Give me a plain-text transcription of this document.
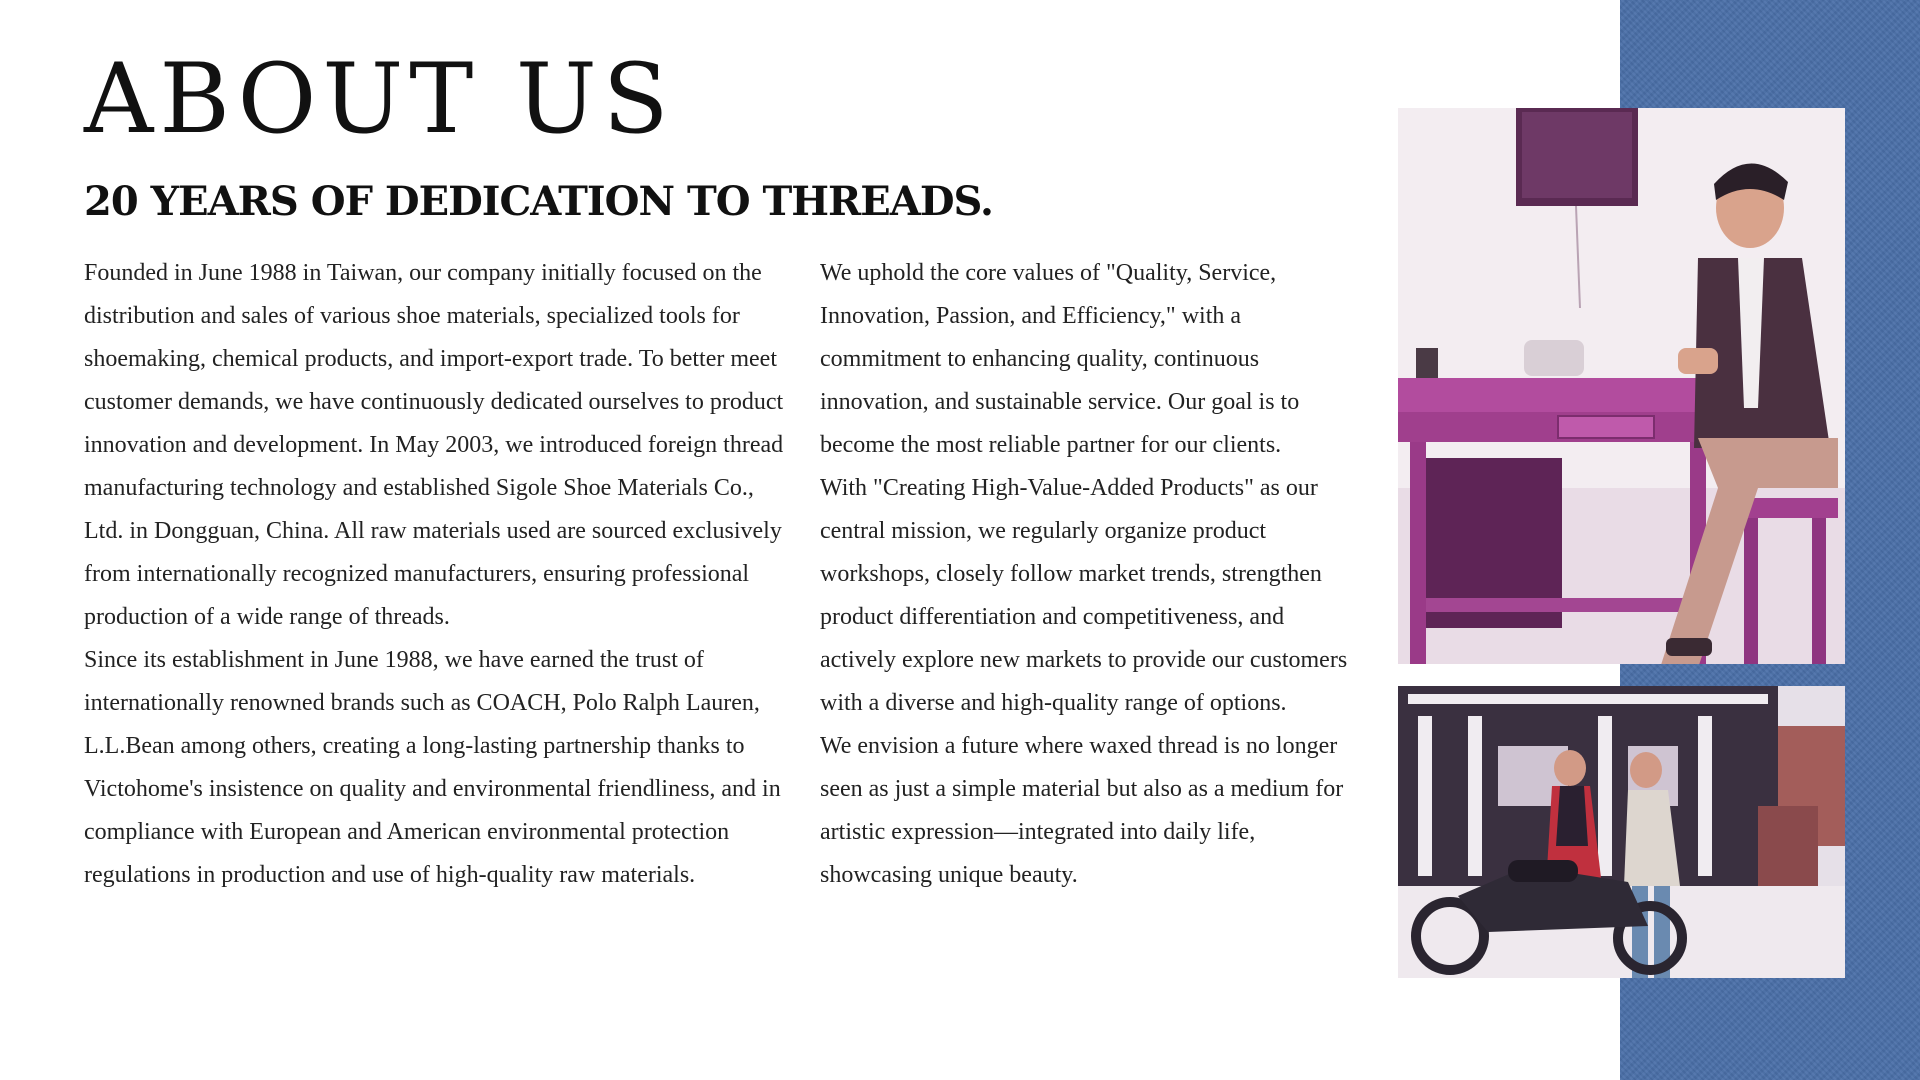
ABOUT US
20 YEARS OF DEDICATION TO THREADS.

Founded in June 1988 in Taiwan, our company initially focused on the distribution and sales of various shoe materials, specialized tools for shoemaking, chemical products, and import-export trade. To better meet customer demands, we have continuously dedicated ourselves to product innovation and development. In May 2003, we introduced foreign thread manufacturing technology and established Sigole Shoe Materials Co., Ltd. in Dongguan, China. All raw materials used are sourced exclusively from internationally recognized manufacturers, ensuring professional production of a wide range of threads.

Since its establishment in June 1988, we have earned the trust of internationally renowned brands such as COACH, Polo Ralph Lauren, L.L.Bean among others, creating a long-lasting partnership thanks to Victohome's insistence on quality and environmental friendliness, and in compliance with European and American environmental protection regulations in production and use of high-quality raw materials.

We uphold the core values of "Quality, Service, Innovation, Passion, and Efficiency," with a commitment to enhancing quality, continuous innovation, and sustainable service. Our goal is to become the most reliable partner for our clients.

With "Creating High-Value-Added Products" as our central mission, we regularly organize product workshops, closely follow market trends, strengthen product differentiation and competitiveness, and actively explore new markets to provide our customers with a diverse and high-quality range of options.

We envision a future where waxed thread is no longer seen as just a simple material but also as a medium for artistic expression—integrated into daily life, showcasing unique beauty.
